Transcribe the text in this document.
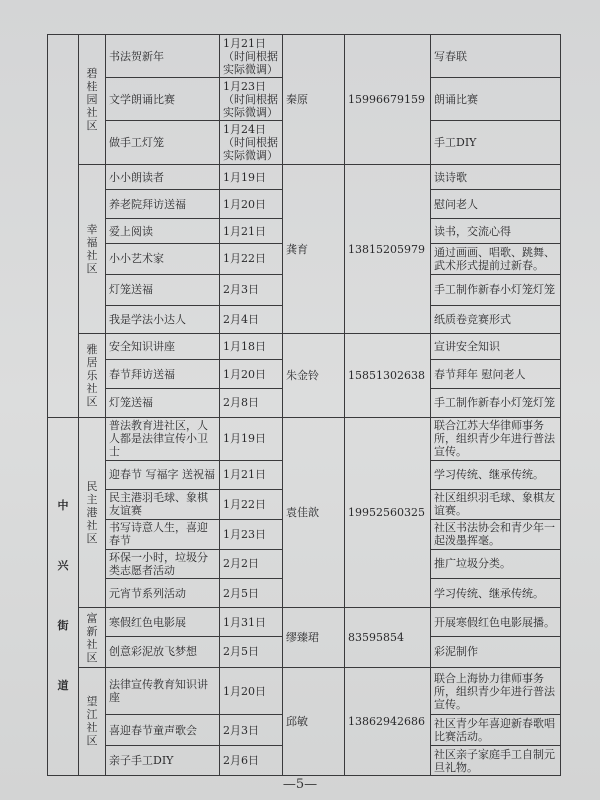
	碧桂园社区	书法贺新年	1月21日（时间根据实际微调）	秦原	15996679159	写春联
		文学朗诵比赛	1月23日（时间根据实际微调）			朗诵比赛
		做手工灯笼	1月24日（时间根据实际微调）			手工DIY
	幸福社区	小小朗读者	1月19日	龚育	13815205979	读诗歌
		养老院拜访送福	1月20日			慰问老人
		爱上阅读	1月21日			读书，交流心得
		小小艺术家	1月22日			通过画画、唱歌、跳舞、武术形式提前过新春。
		灯笼送福	2月3日			手工制作新春小灯笼灯笼
		我是学法小达人	2月4日			纸质卷竞赛形式
	雅居乐社区	安全知识讲座	1月18日	朱金铃	15851302638	宣讲安全知识
		春节拜访送福	1月20日			春节拜年 慰问老人
		灯笼送福	2月8日			手工制作新春小灯笼灯笼

中兴街道	民主港社区	普法教育进社区，人人都是法律宣传小卫士	1月19日	袁佳歆	19952560325	联合江苏大华律师事务所，组织青少年进行普法宣传。
		迎春节 写福字 送祝福	1月21日			学习传统、继承传统。
		民主港羽毛球、象棋友谊赛	1月22日			社区组织羽毛球、象棋友谊赛。
		书写诗意人生，喜迎春节	1月23日			社区书法协会和青少年一起泼墨挥毫。
		环保一小时，垃圾分类志愿者活动	2月2日			推广垃圾分类。
		元宵节系列活动	2月5日			学习传统、继承传统。
	富新社区	寒假红色电影展	1月31日	缪臻珺	83595854	开展寒假红色电影展播。
		创意彩泥放飞梦想	2月5日			彩泥制作
	望江社区	法律宣传教育知识讲座	1月20日	邱敏	13862942686	联合上海协力律师事务所，组织青少年进行普法宣传。
		喜迎春节童声歌会	2月3日			社区青少年喜迎新春歌唱比赛活动。
		亲子手工DIY	2月6日			社区亲子家庭手工自制元旦礼物。
—5—
